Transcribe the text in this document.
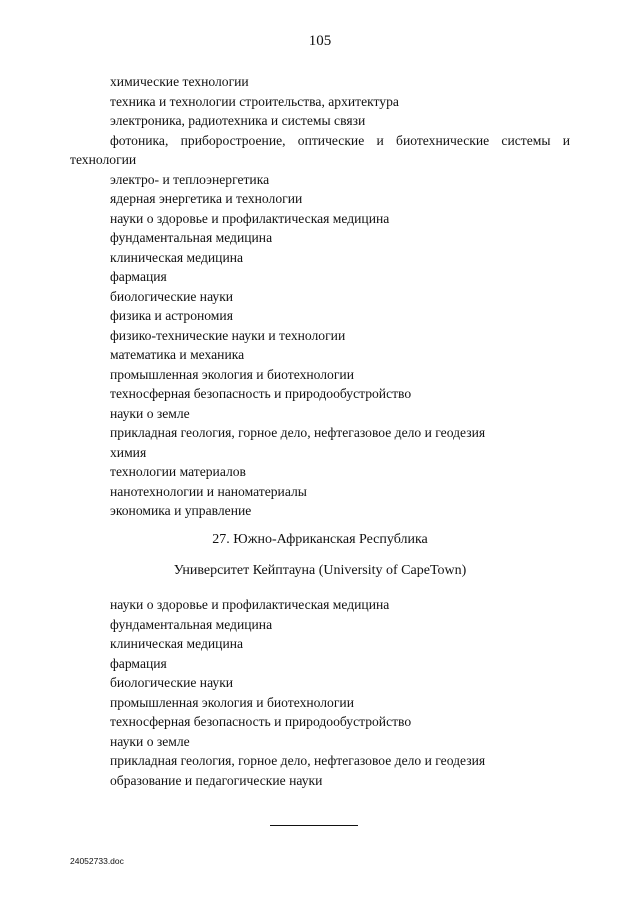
105
химические технологии
техника и технологии строительства, архитектура
электроника, радиотехника и системы связи
фотоника, приборостроение, оптические и биотехнические системы и технологии
электро- и теплоэнергетика
ядерная энергетика и технологии
науки о здоровье и профилактическая медицина
фундаментальная медицина
клиническая медицина
фармация
биологические науки
физика и астрономия
физико-технические науки и технологии
математика и механика
промышленная экология и биотехнологии
техносферная безопасность и природообустройство
науки о земле
прикладная геология, горное дело, нефтегазовое дело и геодезия
химия
технологии материалов
нанотехнологии и наноматериалы
экономика и управление
27. Южно-Африканская Республика
Университет Кейптауна (University of CapeTown)
науки о здоровье и профилактическая медицина
фундаментальная медицина
клиническая медицина
фармация
биологические науки
промышленная экология и биотехнологии
техносферная безопасность и природообустройство
науки о земле
прикладная геология, горное дело, нефтегазовое дело и геодезия
образование и педагогические науки
24052733.doc
